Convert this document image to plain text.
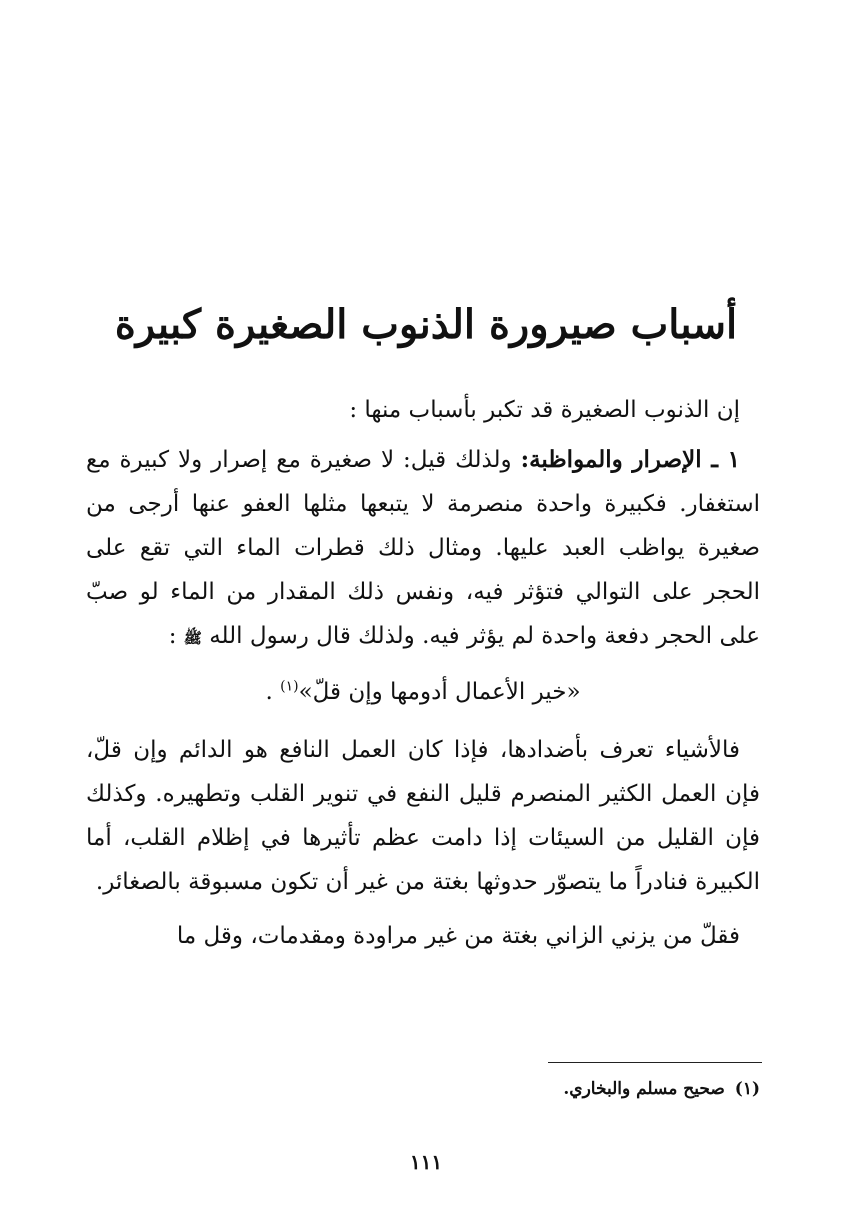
أسباب صيرورة الذنوب الصغيرة كبيرة

إن الذنوب الصغيرة قد تكبر بأسباب منها :

١ ـ الإصرار والمواظبة: ولذلك قيل: لا صغيرة مع إصرار ولا كبيرة مع استغفار. فكبيرة واحدة منصرمة لا يتبعها مثلها العفو عنها أرجى من صغيرة يواظب العبد عليها. ومثال ذلك قطرات الماء التي تقع على الحجر على التوالي فتؤثر فيه، ونفس ذلك المقدار من الماء لو صبّ على الحجر دفعة واحدة لم يؤثر فيه. ولذلك قال رسول الله ﷺ :

«خير الأعمال أدومها وإن قلّ»$^{(١)}$ .

فالأشياء تعرف بأضدادها، فإذا كان العمل النافع هو الدائم وإن قلّ، فإن العمل الكثير المنصرم قليل النفع في تنوير القلب وتطهيره. وكذلك فإن القليل من السيئات إذا دامت عظم تأثيرها في إظلام القلب، أما الكبيرة فنادراً ما يتصوّر حدوثها بغتة من غير أن تكون مسبوقة بالصغائر.

فقلّ من يزني الزاني بغتة من غير مراودة ومقدمات، وقل ما

(١)صحيح مسلم والبخاري.
١١١
